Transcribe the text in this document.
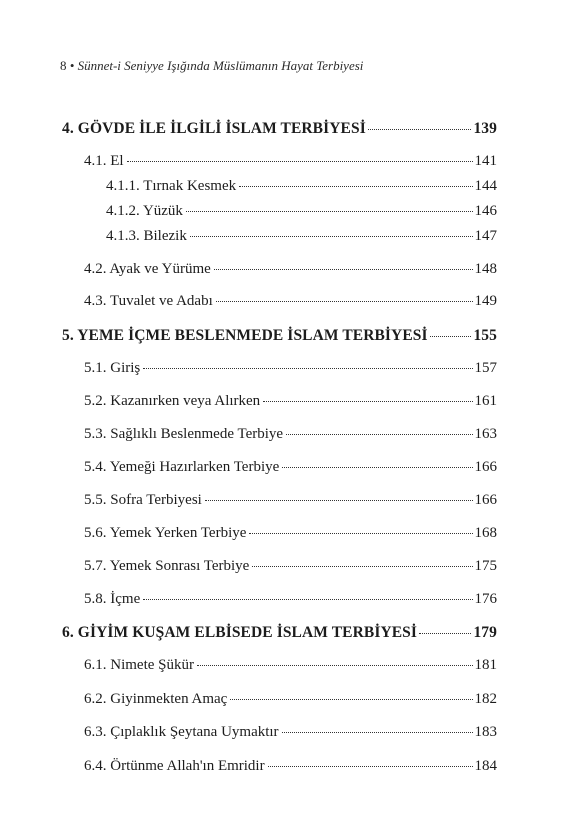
8 • Sünnet-i Seniyye Işığında Müslümanın Hayat Terbiyesi
4. GÖVDE İLE İLGİLİ İSLAM TERBİYESİ	139
4.1. El	141
4.1.1. Tırnak Kesmek	144
4.1.2. Yüzük	146
4.1.3. Bilezik	147
4.2. Ayak ve Yürüme	148
4.3. Tuvalet ve Adabı	149
5. YEME İÇME BESLENMEDE İSLAM TERBİYESİ	155
5.1. Giriş	157
5.2. Kazanırken veya Alırken	161
5.3. Sağlıklı Beslenmede Terbiye	163
5.4. Yemeği Hazırlarken Terbiye	166
5.5. Sofra Terbiyesi	166
5.6. Yemek Yerken Terbiye	168
5.7. Yemek Sonrası Terbiye	175
5.8. İçme	176
6. GİYİM KUŞAM ELBİSEDE İSLAM TERBİYESİ	179
6.1. Nimete Şükür	181
6.2. Giyinmekten Amaç	182
6.3. Çıplaklık Şeytana Uymaktır	183
6.4. Örtünme Allah'ın Emridir	184
